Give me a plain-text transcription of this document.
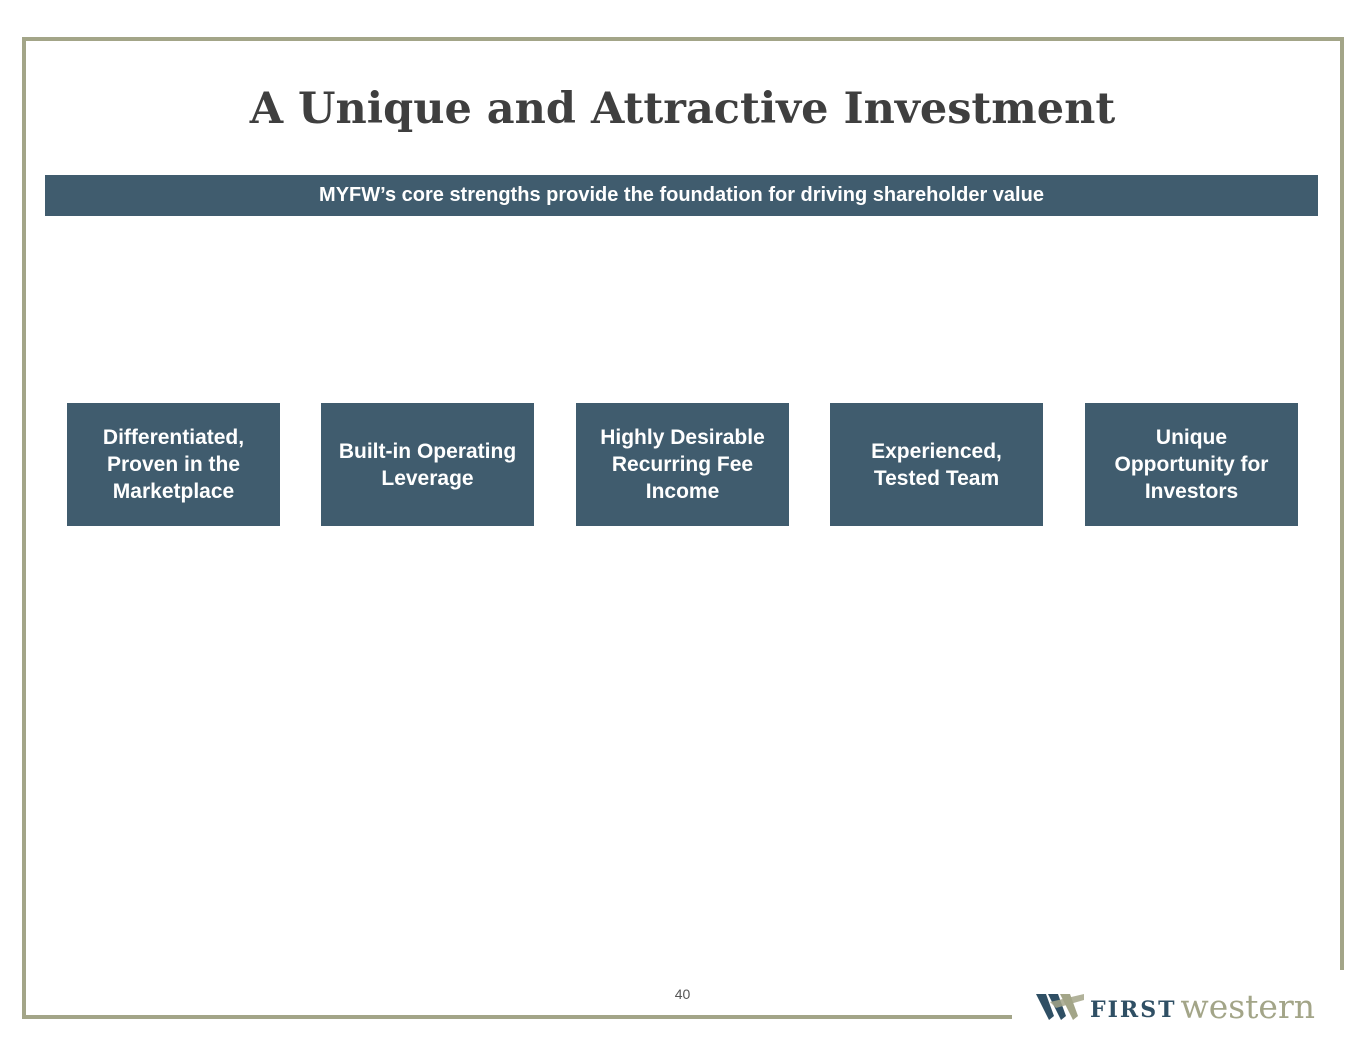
A Unique and Attractive Investment
MYFW’s core strengths provide the foundation for driving shareholder value
Differentiated, Proven in the Marketplace
Built-in Operating Leverage
Highly Desirable Recurring Fee Income
Experienced, Tested Team
Unique Opportunity for Investors
40
FIRST western
